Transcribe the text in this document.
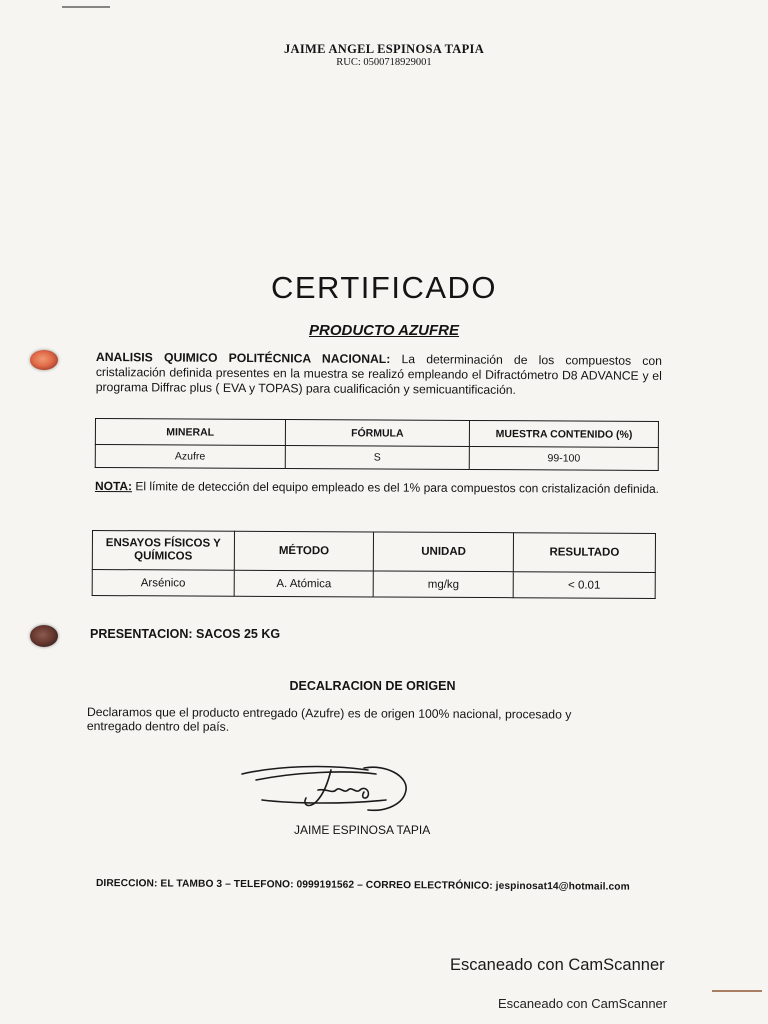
JAIME ANGEL ESPINOSA TAPIA
RUC: 0500718929001
CERTIFICADO
PRODUCTO AZUFRE
ANALISIS QUIMICO POLITÉCNICA NACIONAL: La determinación de los compuestos con cristalización definida presentes en la muestra se realizó empleando el Difractómetro D8 ADVANCE y el programa Diffrac plus ( EVA y TOPAS) para cualificación y semicuantificación.
MINERAL	FÓRMULA	MUESTRA CONTENIDO (%)
Azufre	S	99-100
NOTA: El límite de detección del equipo empleado es del 1% para compuestos con cristalización definida.
ENSAYOS FÍSICOS Y QUÍMICOS	MÉTODO	UNIDAD	RESULTADO
Arsénico	A. Atómica	mg/kg	< 0.01
PRESENTACION: SACOS 25 KG
DECALRACION DE ORIGEN
Declaramos que el producto entregado (Azufre) es de origen 100% nacional, procesado y entregado dentro del país.
JAIME ESPINOSA TAPIA
DIRECCION: EL TAMBO 3 – TELEFONO: 0999191562 – CORREO ELECTRÓNICO: jespinosat14@hotmail.com
Escaneado con CamScanner
Escaneado con CamScanner
